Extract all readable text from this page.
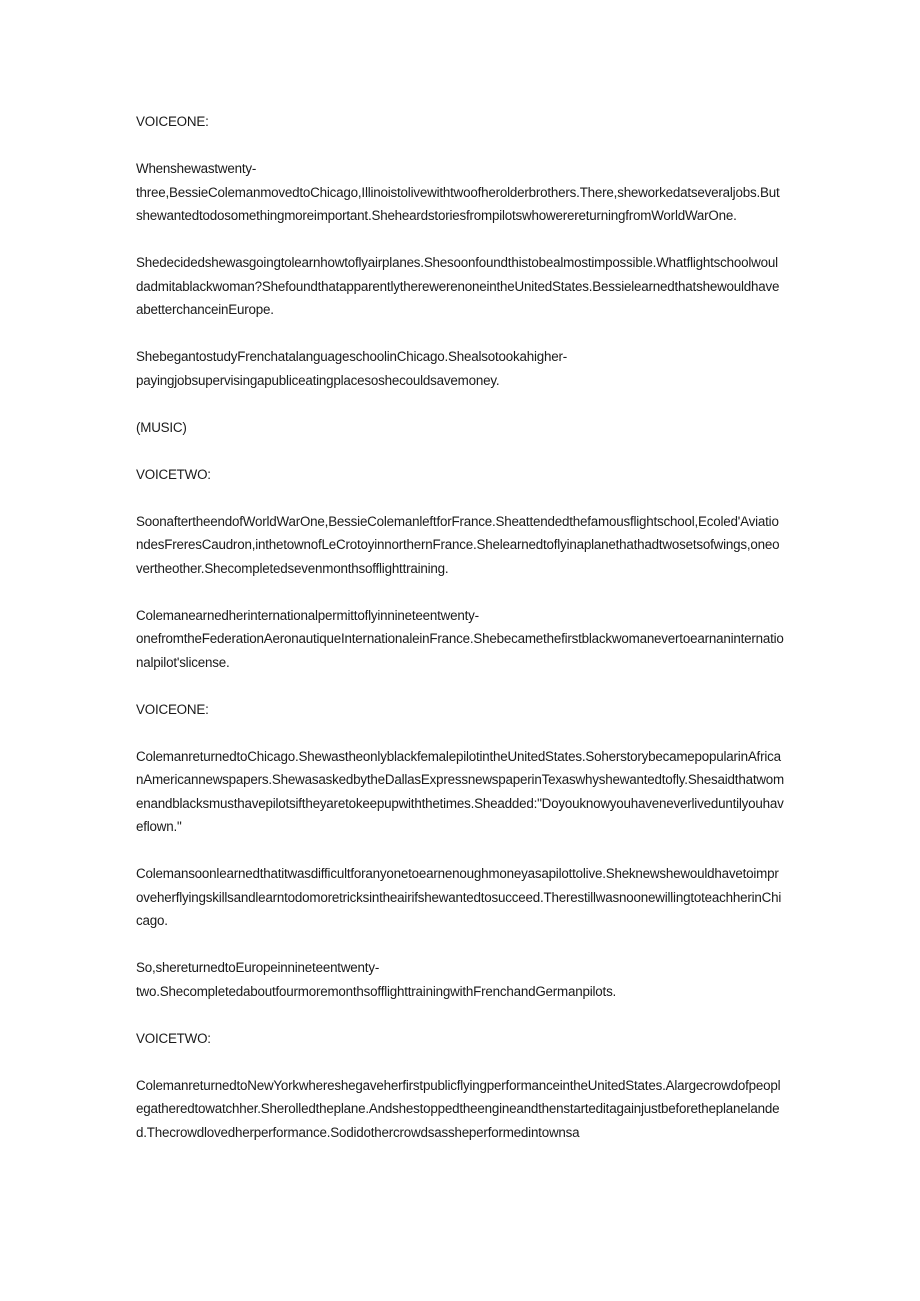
VOICEONE:

Whenshewastwenty-
three,BessieColemanmovedtoChicago,Illinoistolivewithtwoofherolderbrothers.There,sheworkedatseveraljobs.Butshewantedtodosomethingmoreimportant.SheheardstoriesfrompilotswhowerereturningfromWorldWarOne.

Shedecidedshewasgoingtolearnhowtoflyairplanes.Shesoonfoundthistobealmostimpossible.Whatflightschoolwouldadmitablackwoman?ShefoundthatapparentlytherewerenoneintheUnitedStates.BessielearnedthatshewouldhaveabetterchanceinEurope.

ShebegantostudyFrenchatalanguageschoolinChicago.Shealsotookahigher-
payingjobsupervisingapubliceatingplacesoshecouldsavemoney.

(MUSIC)

VOICETWO:

SoonaftertheendofWorldWarOne,BessieColemanleftforFrance.Sheattendedthefamousflightschool,Ecoled'AviationdesFreresCaudron,inthetownofLeCrotoyinnorthernFrance.Shelearnedtoflyinaplanethathadtwosetsofwings,oneovertheother.Shecompletedsevenmonthsofflighttraining.

Colemanearnedherinternationalpermittoflyinnineteentwenty-
onefromtheFederationAeronautiqueInternationaleinFrance.Shebecamethefirstblackwomanevertoearnaninternationalpilot'slicense.

VOICEONE:

ColemanreturnedtoChicago.ShewastheonlyblackfemalepilotintheUnitedStates.SoherstorybecamepopularinAfricanAmericannewspapers.ShewasaskedbytheDallasExpressnewspaperinTexaswhyshewantedtofly.Shesaidthatwomenandblacksmusthavepilotsiftheyaretokeepupwiththetimes.Sheadded:"Doyouknowyouhaveneverliveduntilyouhaveflown."

Colemansoonlearnedthatitwasdifficultforanyonetoearnenoughmoneyasapilottolive.Sheknewshewouldhavetoimproveherflyingskillsandlearntodomoretricksintheairifshewantedtosucceed.TherestillwasnoonewillingtoteachherinChicago.

So,shereturnedtoEuropeinnineteentwenty-
two.ShecompletedaboutfourmoremonthsofflighttrainingwithFrenchandGermanpilots.

VOICETWO:

ColemanreturnedtoNewYorkwhereshegaveherfirstpublicflyingperformanceintheUnitedStates.Alargecrowdofpeoplegatheredtowatchher.Sherolledtheplane.Andshestoppedtheengineandthenstarteditagainjustbeforetheplanelanded.Thecrowdlovedherperformance.Sodidothercrowdsassheperformedintownsa
